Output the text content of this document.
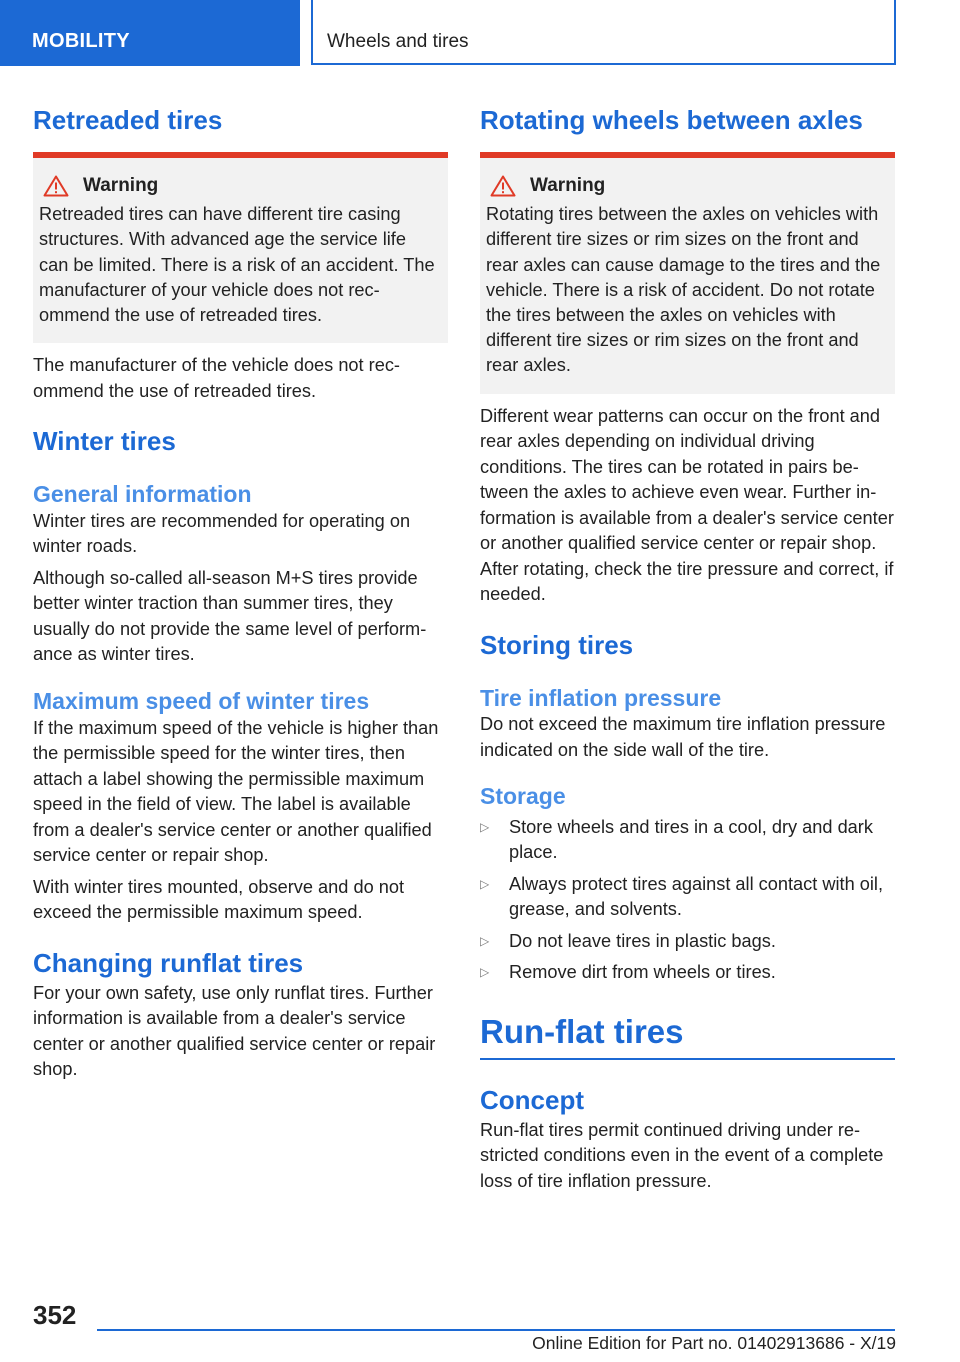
MOBILITY	Wheels and tires
Retreaded tires
Warning
Retreaded tires can have different tire casing structures. With advanced age the service life can be limited. There is a risk of an accident. The manufacturer of your vehicle does not recommend the use of retreaded tires.

The manufacturer of the vehicle does not recommend the use of retreaded tires.

Winter tires
General information

Winter tires are recommended for operating on winter roads.

Although so-called all-season M+S tires provide better winter traction than summer tires, they usually do not provide the same level of performance as winter tires.

Maximum speed of winter tires

If the maximum speed of the vehicle is higher than the permissible speed for the winter tires, then attach a label showing the permissible maximum speed in the field of view. The label is available from a dealer's service center or another qualified service center or repair shop.

With winter tires mounted, observe and do not exceed the permissible maximum speed.

Changing runflat tires

For your own safety, use only runflat tires. Further information is available from a dealer's service center or another qualified service center or repair shop.

Rotating wheels between axles
Warning
Rotating tires between the axles on vehicles with different tire sizes or rim sizes on the front and rear axles can cause damage to the tires and the vehicle. There is a risk of accident. Do not rotate the tires between the axles on vehicles with different tire sizes or rim sizes on the front and rear axles.

Different wear patterns can occur on the front and rear axles depending on individual driving conditions. The tires can be rotated in pairs between the axles to achieve even wear. Further information is available from a dealer's service center or another qualified service center or repair shop. After rotating, check the tire pressure and correct, if needed.

Storing tires
Tire inflation pressure

Do not exceed the maximum tire inflation pressure indicated on the side wall of the tire.

Storage
▷ Store wheels and tires in a cool, dry and dark place.
▷ Always protect tires against all contact with oil, grease, and solvents.
▷ Do not leave tires in plastic bags.
▷ Remove dirt from wheels or tires.
Run-flat tires
Concept

Run-flat tires permit continued driving under restricted conditions even in the event of a complete loss of tire inflation pressure.

352
Online Edition for Part no. 01402913686 - X/19
